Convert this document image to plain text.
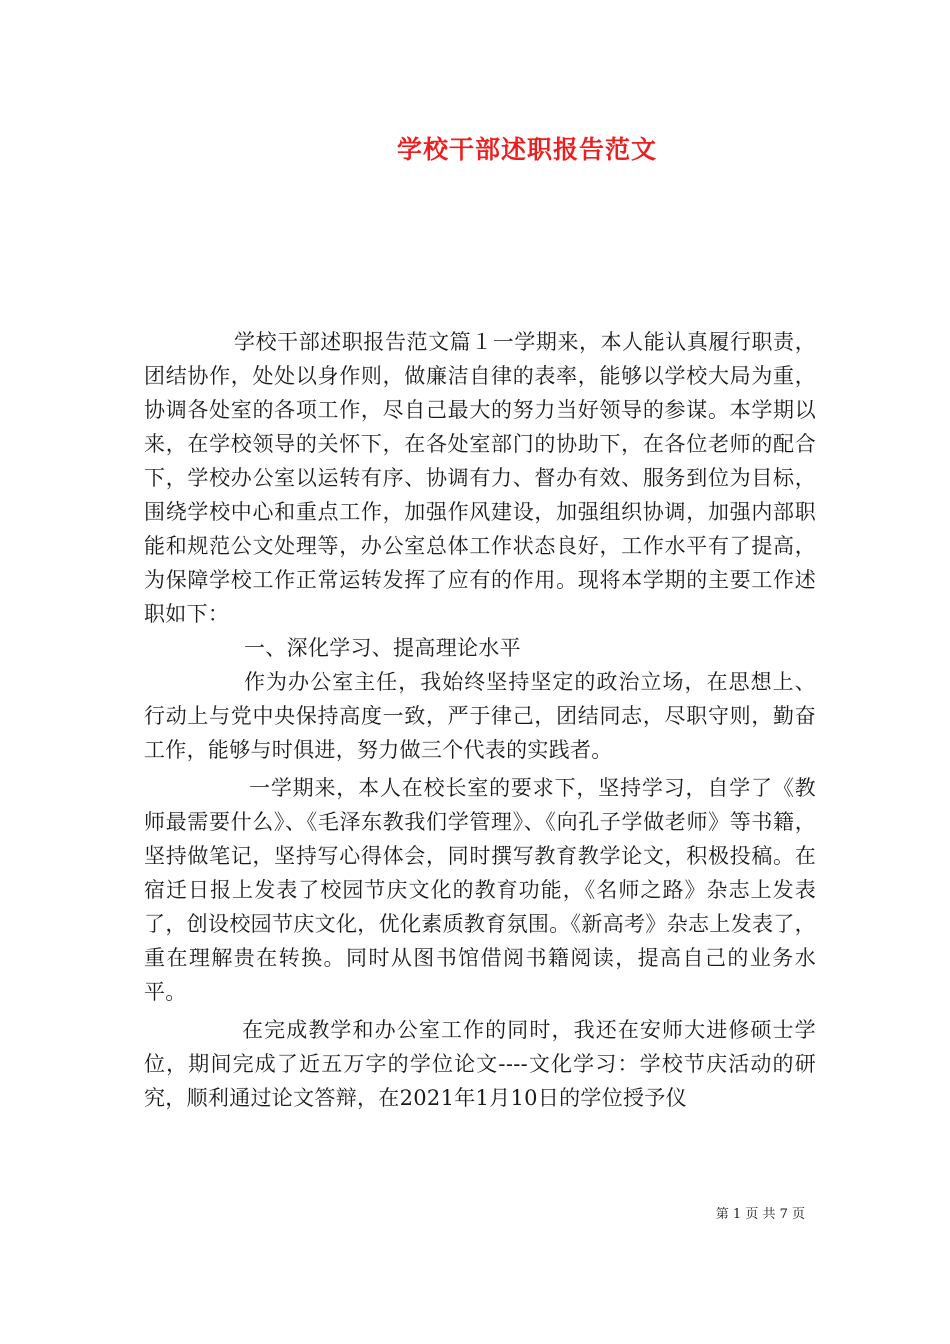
学校干部述职报告范文

学校干部述职报告范文篇１一学期来，本人能认真履行职责，团结协作，处处以身作则，做廉洁自律的表率，能够以学校大局为重，协调各处室的各项工作，尽自己最大的努力当好领导的参谋。本学期以来，在学校领导的关怀下，在各处室部门的协助下，在各位老师的配合下，学校办公室以运转有序、协调有力、督办有效、服务到位为目标，围绕学校中心和重点工作，加强作风建设，加强组织协调，加强内部职能和规范公文处理等，办公室总体工作状态良好，工作水平有了提高，为保障学校工作正常运转发挥了应有的作用。现将本学期的主要工作述职如下：

一、深化学习、提高理论水平

作为办公室主任，我始终坚持坚定的政治立场，在思想上、行动上与党中央保持高度一致，严于律己，团结同志，尽职守则，勤奋工作，能够与时俱进，努力做三个代表的实践者。

一学期来，本人在校长室的要求下，坚持学习，自学了《教师最需要什么》、《毛泽东教我们学管理》、《向孔子学做老师》等书籍，坚持做笔记，坚持写心得体会，同时撰写教育教学论文，积极投稿。在宿迁日报上发表了校园节庆文化的教育功能，《名师之路》杂志上发表了，创设校园节庆文化，优化素质教育氛围。《新高考》杂志上发表了，重在理解贵在转换。同时从图书馆借阅书籍阅读，提高自己的业务水平。

在完成教学和办公室工作的同时，我还在安师大进修硕士学位，期间完成了近五万字的学位论文----文化学习：学校节庆活动的研究，顺利通过论文答辩，在2021年1月10日的学位授予仪

第 1 页 共 7 页
